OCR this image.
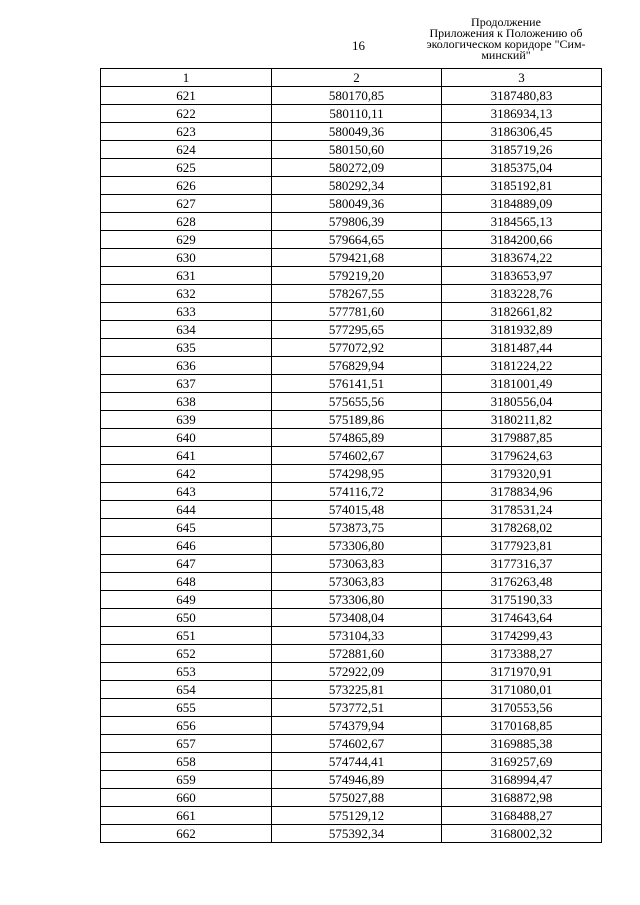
16
Продолжение
Приложения к Положению об
экологическом коридоре "Сим-
минский"
1	2	3
621	580170,85	3187480,83
622	580110,11	3186934,13
623	580049,36	3186306,45
624	580150,60	3185719,26
625	580272,09	3185375,04
626	580292,34	3185192,81
627	580049,36	3184889,09
628	579806,39	3184565,13
629	579664,65	3184200,66
630	579421,68	3183674,22
631	579219,20	3183653,97
632	578267,55	3183228,76
633	577781,60	3182661,82
634	577295,65	3181932,89
635	577072,92	3181487,44
636	576829,94	3181224,22
637	576141,51	3181001,49
638	575655,56	3180556,04
639	575189,86	3180211,82
640	574865,89	3179887,85
641	574602,67	3179624,63
642	574298,95	3179320,91
643	574116,72	3178834,96
644	574015,48	3178531,24
645	573873,75	3178268,02
646	573306,80	3177923,81
647	573063,83	3177316,37
648	573063,83	3176263,48
649	573306,80	3175190,33
650	573408,04	3174643,64
651	573104,33	3174299,43
652	572881,60	3173388,27
653	572922,09	3171970,91
654	573225,81	3171080,01
655	573772,51	3170553,56
656	574379,94	3170168,85
657	574602,67	3169885,38
658	574744,41	3169257,69
659	574946,89	3168994,47
660	575027,88	3168872,98
661	575129,12	3168488,27
662	575392,34	3168002,32
